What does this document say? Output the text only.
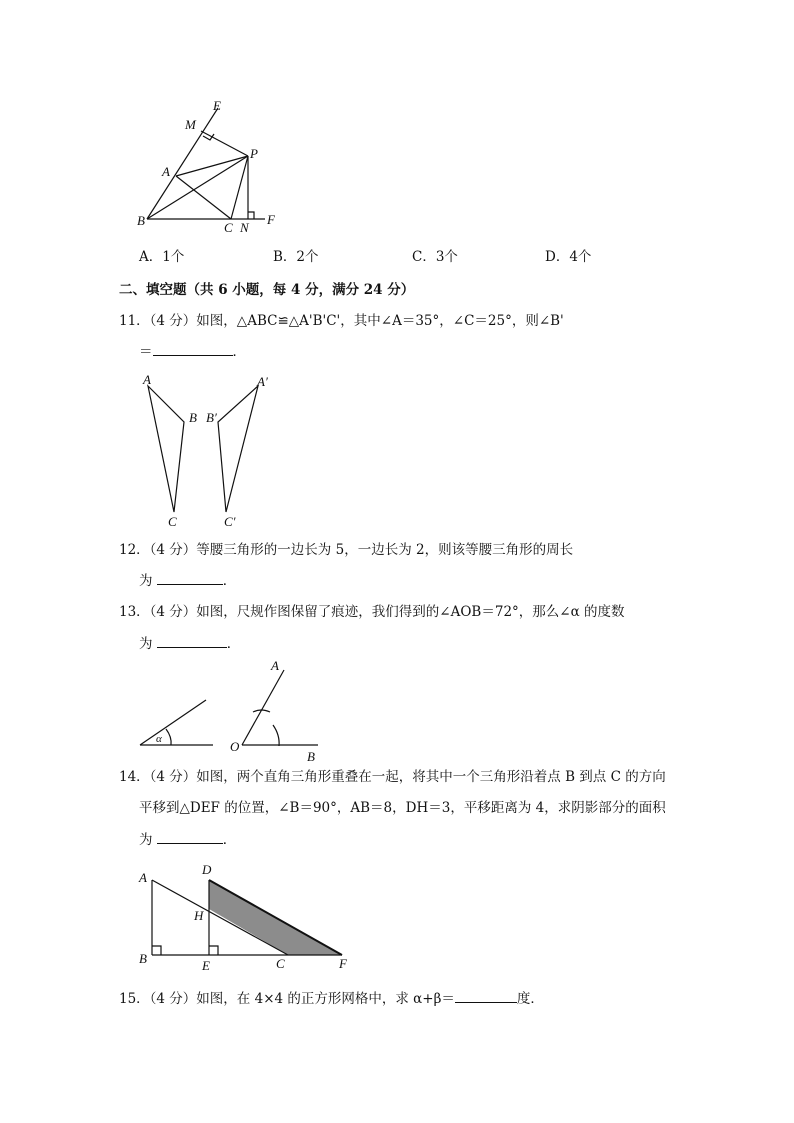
E
M
P
A
B	C N
F
A．1个	B．2个	C．3个	D．4个
二、填空题（共 6 小题，每 4 分，满分 24 分）
11．（4 分）如图，△ABC≌△A'B'C'，其中∠A＝35°，∠C＝25°，则∠B'
＝	．
A
B
C
A′
B′
C′
12．（4 分）等腰三角形的一边长为 5，一边长为 2，则该等腰三角形的周长
为	．
13．（4 分）如图，尺规作图保留了痕迹，我们得到的∠AOB＝72°，那么∠α 的度数
为	．
α
A
O
B
14．（4 分）如图，两个直角三角形重叠在一起，将其中一个三角形沿着点 B 到点 C 的方向
平移到△DEF 的位置，∠B＝90°，AB＝8，DH＝3，平移距离为 4，求阴影部分的面积
为	．
A
D
H
B	E	C	F
15．（4 分）如图，在 4×4 的正方形网格中，求 α+β＝	度．
